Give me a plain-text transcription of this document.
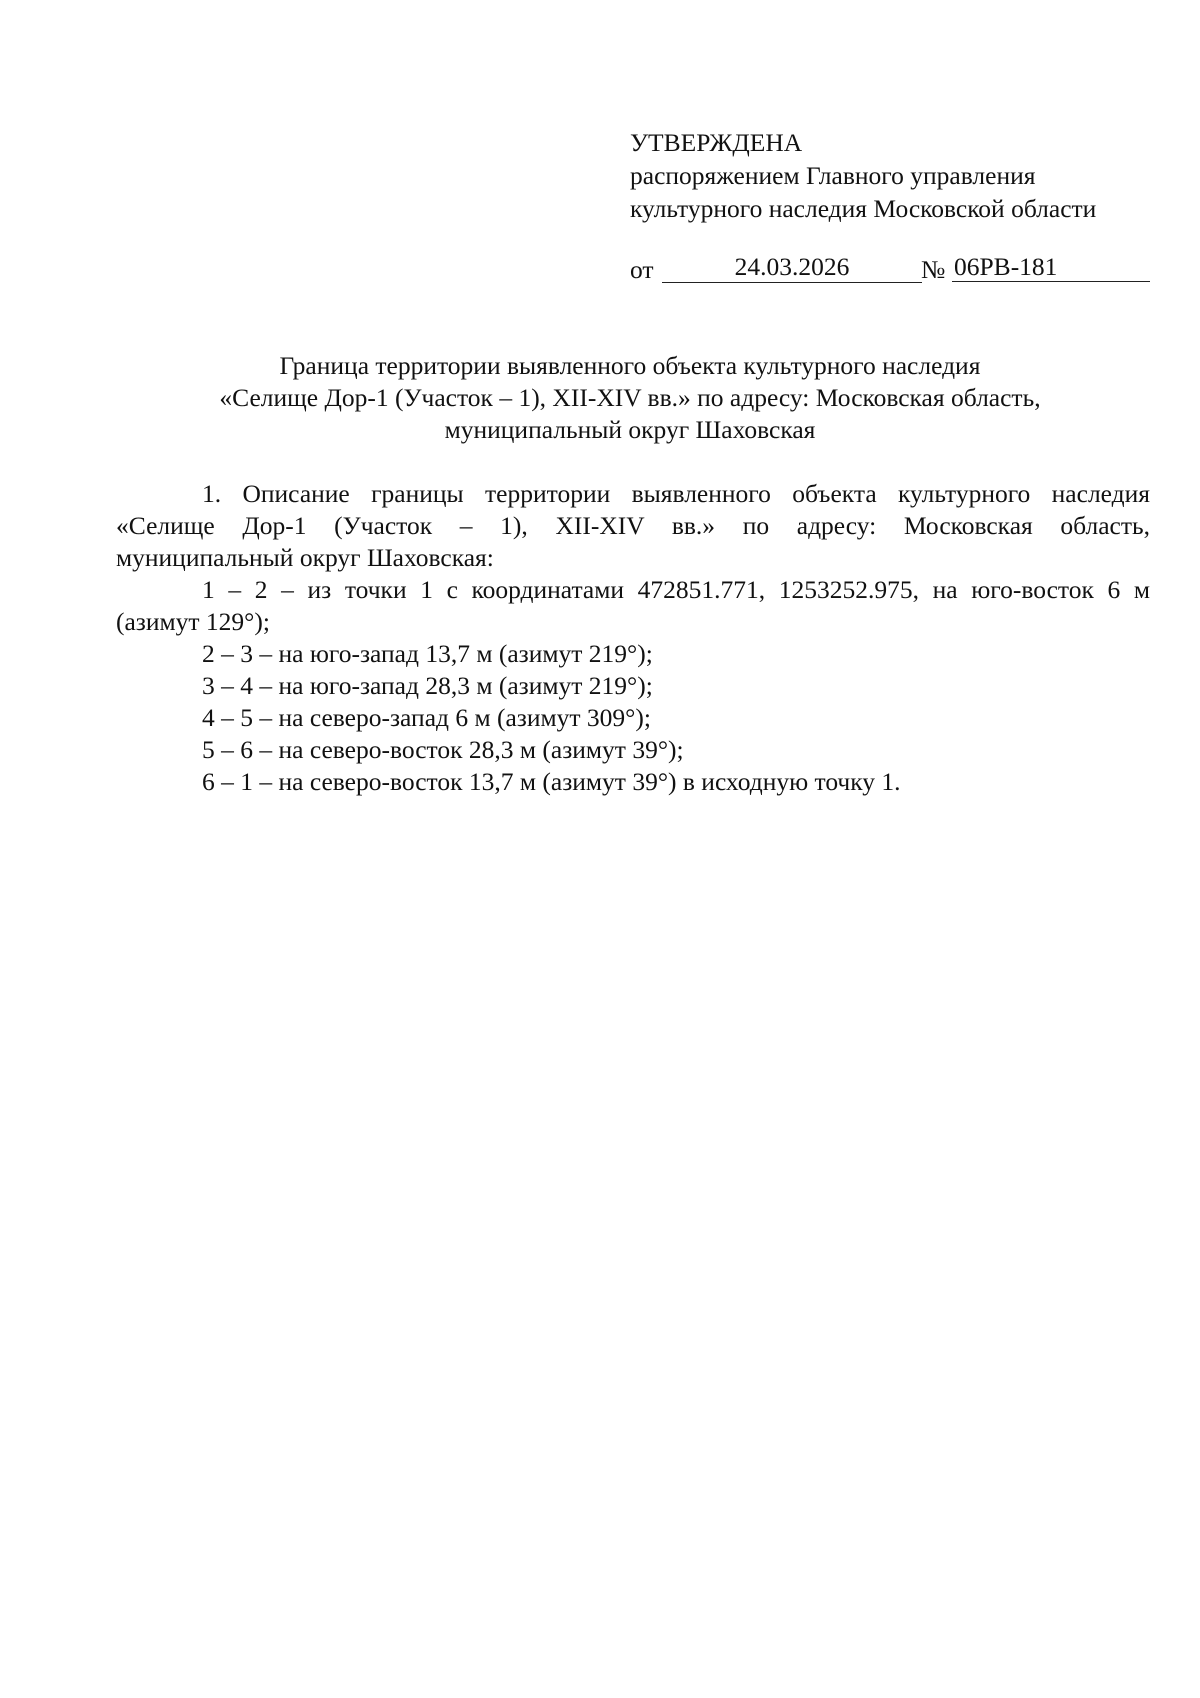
УТВЕРЖДЕНА
распоряжением Главного управления
культурного наследия Московской области
от	24.03.2026	№ 06РВ-181
Граница территории выявленного объекта культурного наследия
«Селище Дор-1 (Участок – 1), XII-XIV вв.» по адресу: Московская область,
муниципальный округ Шаховская
1. Описание границы территории выявленного объекта культурного наследия
«Селище Дор-1 (Участок – 1), XII-XIV вв.» по адресу: Московская область,
муниципальный округ Шаховская:
1 – 2 – из точки 1 с координатами 472851.771, 1253252.975, на юго-восток 6 м
(азимут 129°);

2 – 3 – на юго-запад 13,7 м (азимут 219°);

3 – 4 – на юго-запад 28,3 м (азимут 219°);

4 – 5 – на северо-запад 6 м (азимут 309°);

5 – 6 – на северо-восток 28,3 м (азимут 39°);

6 – 1 – на северо-восток 13,7 м (азимут 39°) в исходную точку 1.
